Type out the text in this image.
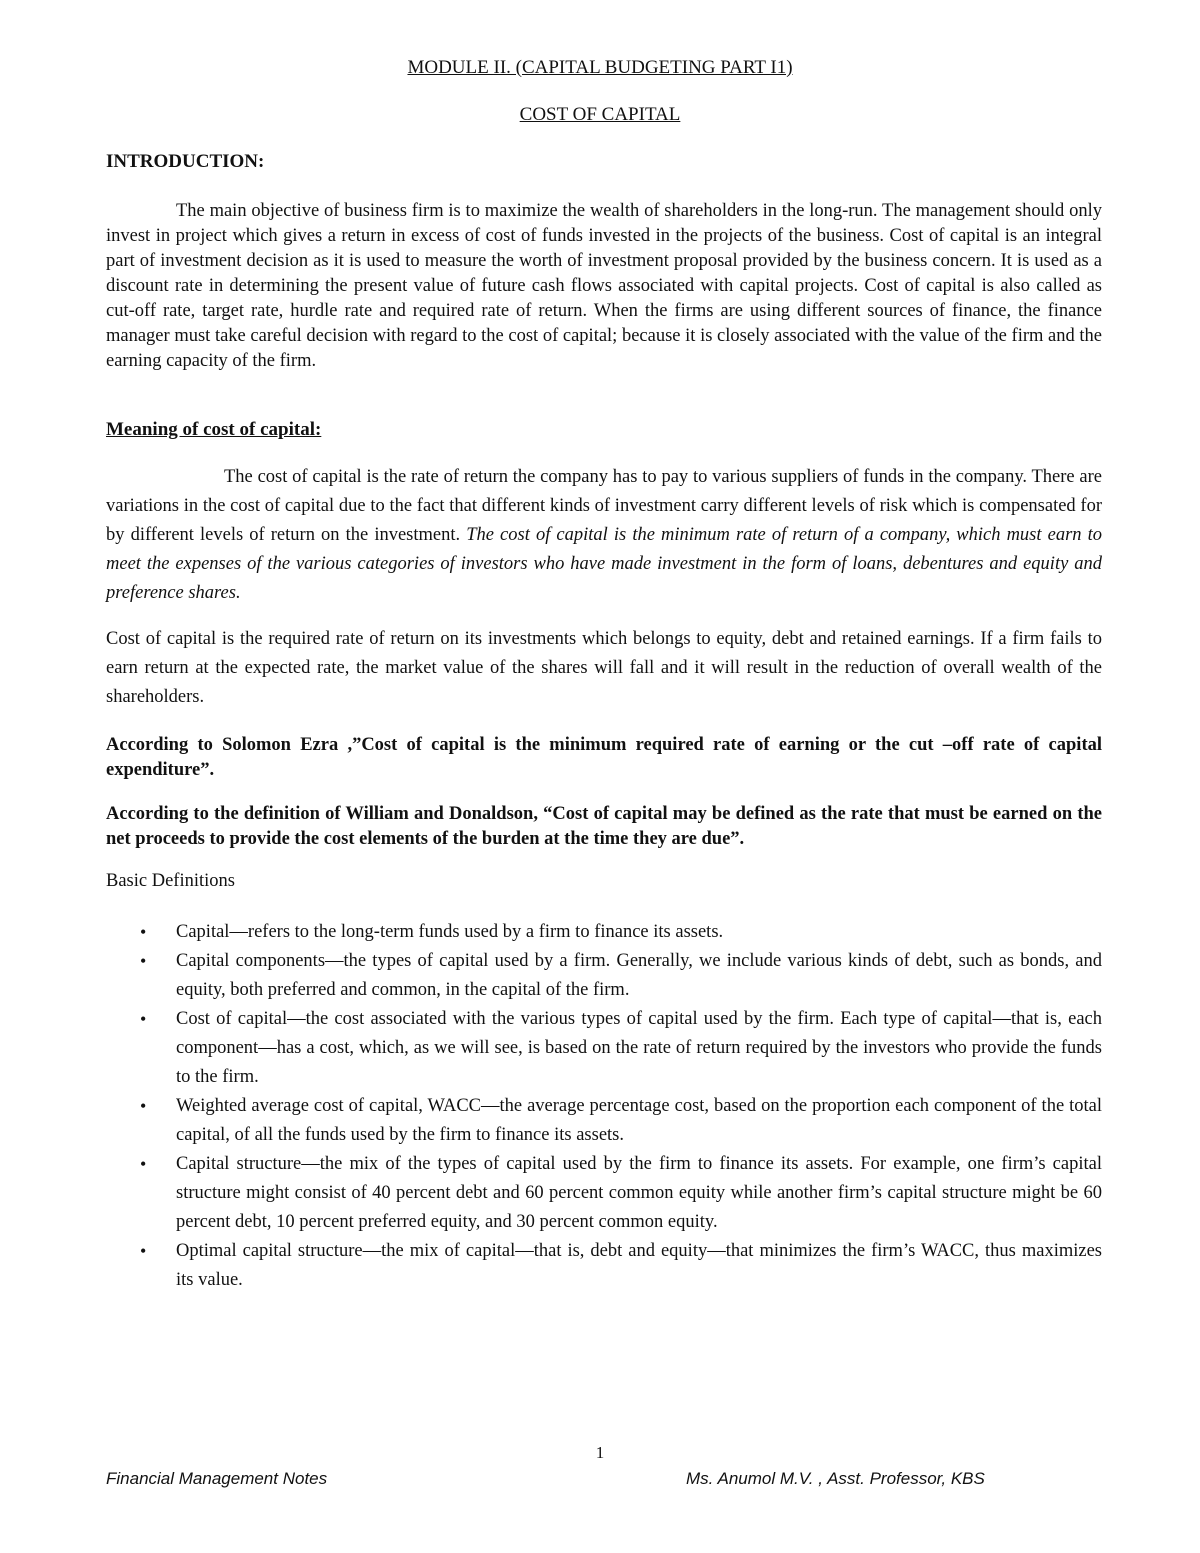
MODULE II. (CAPITAL BUDGETING PART I1)
COST OF CAPITAL
INTRODUCTION:
The main objective of business firm is to maximize the wealth of shareholders in the long-run. The management should only invest in project which gives a return in excess of cost of funds invested in the projects of the business. Cost of capital is an integral part of investment decision as it is used to measure the worth of investment proposal provided by the business concern. It is used as a discount rate in determining the present value of future cash flows associated with capital projects. Cost of capital is also called as cut-off rate, target rate, hurdle rate and required rate of return. When the firms are using different sources of finance, the finance manager must take careful decision with regard to the cost of capital; because it is closely associated with the value of the firm and the earning capacity of the firm.
Meaning of cost of capital:
The cost of capital is the rate of return the company has to pay to various suppliers of funds in the company. There are variations in the cost of capital due to the fact that different kinds of investment carry different levels of risk which is compensated for by different levels of return on the investment. The cost of capital is the minimum rate of return of a company, which must earn to meet the expenses of the various categories of investors who have made investment in the form of loans, debentures and equity and preference shares.
Cost of capital is the required rate of return on its investments which belongs to equity, debt and retained earnings. If a firm fails to earn return at the expected rate, the market value of the shares will fall and it will result in the reduction of overall wealth of the shareholders.
According to Solomon Ezra ,”Cost of capital is the minimum required rate of earning or the cut –off rate of capital expenditure”.
According to the definition of William and Donaldson, “Cost of capital may be defined as the rate that must be earned on the net proceeds to provide the cost elements of the burden at the time they are due”.
Basic Definitions
• Capital—refers to the long-term funds used by a firm to finance its assets.
• Capital components—the types of capital used by a firm. Generally, we include various kinds of debt, such as bonds, and equity, both preferred and common, in the capital of the firm.
• Cost of capital—the cost associated with the various types of capital used by the firm. Each type of capital—that is, each component—has a cost, which, as we will see, is based on the rate of return required by the investors who provide the funds to the firm.
• Weighted average cost of capital, WACC—the average percentage cost, based on the proportion each component of the total capital, of all the funds used by the firm to finance its assets.
• Capital structure—the mix of the types of capital used by the firm to finance its assets. For example, one firm’s capital structure might consist of 40 percent debt and 60 percent common equity while another firm’s capital structure might be 60 percent debt, 10 percent preferred equity, and 30 percent common equity.
• Optimal capital structure—the mix of capital—that is, debt and equity—that minimizes the firm’s WACC, thus maximizes its value.
1
Financial Management Notes	Ms. Anumol M.V. , Asst. Professor, KBS
